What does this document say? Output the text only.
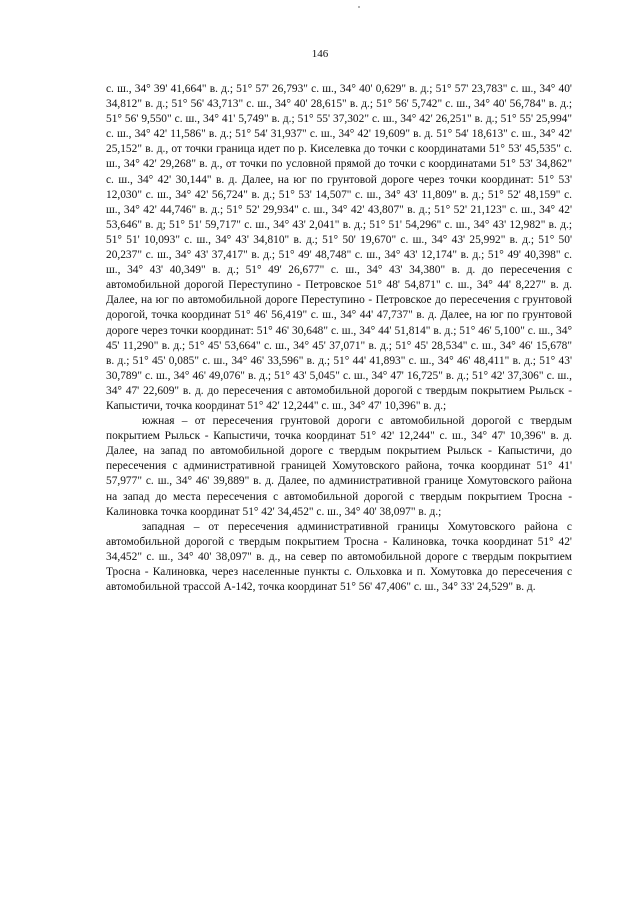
146

с. ш., 34° 39' 41,664" в. д.; 51° 57' 26,793" с. ш., 34° 40' 0,629" в. д.; 51° 57' 23,783" с. ш., 34° 40' 34,812" в. д.; 51° 56' 43,713" с. ш., 34° 40' 28,615" в. д.; 51° 56' 5,742" с. ш., 34° 40' 56,784" в. д.; 51° 56' 9,550" с. ш., 34° 41' 5,749" в. д.; 51° 55' 37,302" с. ш., 34° 42' 26,251" в. д.; 51° 55' 25,994" с. ш., 34° 42' 11,586" в. д.; 51° 54' 31,937" с. ш., 34° 42' 19,609" в. д. 51° 54' 18,613" с. ш., 34° 42' 25,152" в. д., от точки граница идет по р. Киселевка до точки с координатами 51° 53' 45,535" с. ш., 34° 42' 29,268" в. д., от точки по условной прямой до точки с координатами 51° 53' 34,862" с. ш., 34° 42' 30,144" в. д. Далее, на юг по грунтовой дороге через точки координат: 51° 53' 12,030" с. ш., 34° 42' 56,724" в. д.; 51° 53' 14,507" с. ш., 34° 43' 11,809" в. д.; 51° 52' 48,159" с. ш., 34° 42' 44,746" в. д.; 51° 52' 29,934" с. ш., 34° 42' 43,807" в. д.; 51° 52' 21,123" с. ш., 34° 42' 53,646" в. д; 51° 51' 59,717" с. ш., 34° 43' 2,041" в. д.; 51° 51' 54,296" с. ш., 34° 43' 12,982" в. д.; 51° 51' 10,093" с. ш., 34° 43' 34,810" в. д.; 51° 50' 19,670" с. ш., 34° 43' 25,992" в. д.; 51° 50' 20,237" с. ш., 34° 43' 37,417" в. д.; 51° 49' 48,748" с. ш., 34° 43' 12,174" в. д.; 51° 49' 40,398" с. ш., 34° 43' 40,349" в. д.; 51° 49' 26,677" с. ш., 34° 43' 34,380" в. д. до пересечения с автомобильной дорогой Переступино - Петровское 51° 48' 54,871" с. ш., 34° 44' 8,227" в. д. Далее, на юг по автомобильной дороге Переступино - Петровское до пересечения с грунтовой дорогой, точка координат 51° 46' 56,419" с. ш., 34° 44' 47,737" в. д. Далее, на юг по грунтовой дороге через точки координат: 51° 46' 30,648" с. ш., 34° 44' 51,814" в. д.; 51° 46' 5,100" с. ш., 34° 45' 11,290" в. д.; 51° 45' 53,664" с. ш., 34° 45' 37,071" в. д.; 51° 45' 28,534" с. ш., 34° 46' 15,678" в. д.; 51° 45' 0,085" с. ш., 34° 46' 33,596" в. д.; 51° 44' 41,893" с. ш., 34° 46' 48,411" в. д.; 51° 43' 30,789" с. ш., 34° 46' 49,076" в. д.; 51° 43' 5,045" с. ш., 34° 47' 16,725" в. д.; 51° 42' 37,306" с. ш., 34° 47' 22,609" в. д. до пересечения с автомобильной дорогой с твердым покрытием Рыльск - Капыстичи, точка координат 51° 42' 12,244" с. ш., 34° 47' 10,396" в. д.;

южная – от пересечения грунтовой дороги с автомобильной дорогой с твердым покрытием Рыльск - Капыстичи, точка координат 51° 42' 12,244" с. ш., 34° 47' 10,396" в. д. Далее, на запад по автомобильной дороге с твердым покрытием Рыльск - Капыстичи, до пересечения с административной границей Хомутовского района, точка координат 51° 41' 57,977" с. ш., 34° 46' 39,889" в. д. Далее, по административной границе Хомутовского района на запад до места пересечения с автомобильной дорогой с твердым покрытием Тросна - Калиновка точка координат 51° 42' 34,452" с. ш., 34° 40' 38,097" в. д.;

западная – от пересечения административной границы Хомутовского района с автомобильной дорогой с твердым покрытием Тросна - Калиновка, точка координат 51° 42' 34,452" с. ш., 34° 40' 38,097" в. д., на север по автомобильной дороге с твердым покрытием Тросна - Калиновка, через населенные пункты с. Ольховка и п. Хомутовка до пересечения с автомобильной трассой А-142, точка координат 51° 56' 47,406" с. ш., 34° 33' 24,529" в. д.
